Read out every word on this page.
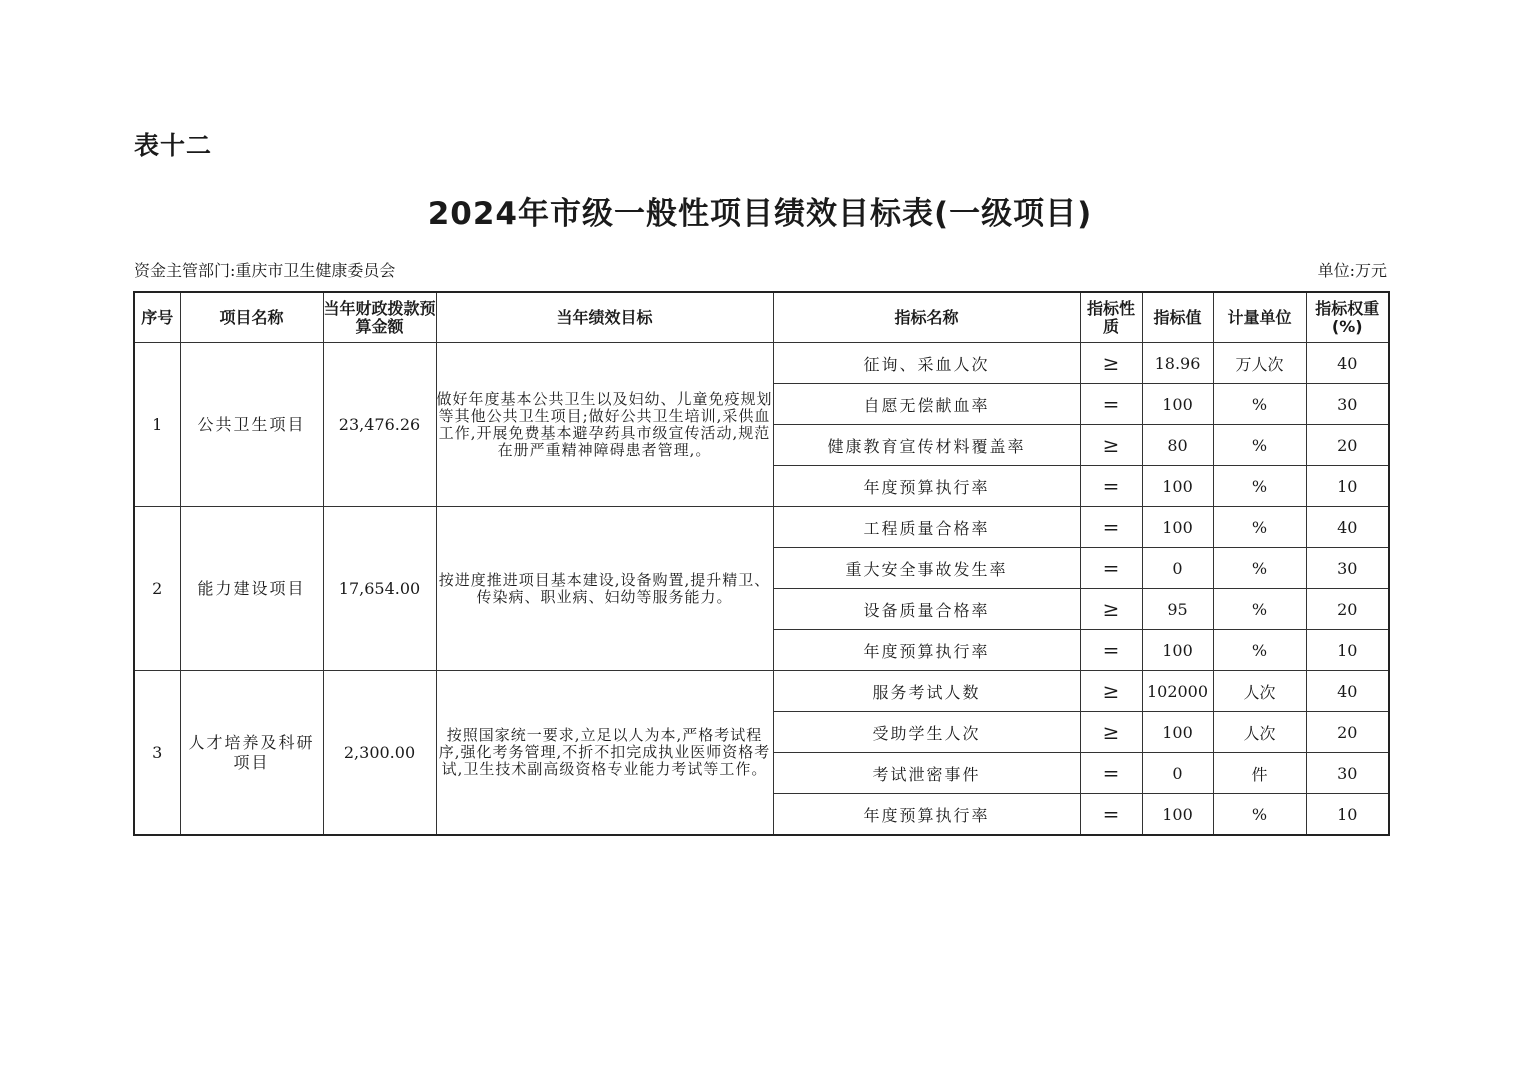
表十二
2024年市级一般性项目绩效目标表(一级项目)
资金主管部门:重庆市卫生健康委员会	单位:万元
序号	项目名称	当年财政拨款预算金额	当年绩效目标	指标名称	指标性质	指标值	计量单位	指标权重(%)
1	公共卫生项目	23,476.26	做好年度基本公共卫生以及妇幼、儿童免疫规划等其他公共卫生项目;做好公共卫生培训,采供血工作,开展免费基本避孕药具市级宣传活动,规范在册严重精神障碍患者管理,。	征询、采血人次	≥	18.96	万人次	40
				自愿无偿献血率	=	100	%	30
				健康教育宣传材料覆盖率	≥	80	%	20
				年度预算执行率	=	100	%	10
2	能力建设项目	17,654.00	按进度推进项目基本建设,设备购置,提升精卫、传染病、职业病、妇幼等服务能力。	工程质量合格率	=	100	%	40
				重大安全事故发生率	=	0	%	30
				设备质量合格率	≥	95	%	20
				年度预算执行率	=	100	%	10
3	人才培养及科研项目	2,300.00	按照国家统一要求,立足以人为本,严格考试程序,强化考务管理,不折不扣完成执业医师资格考试,卫生技术副高级资格专业能力考试等工作。	服务考试人数	≥	102000	人次	40
				受助学生人次	≥	100	人次	20
				考试泄密事件	=	0	件	30
				年度预算执行率	=	100	%	10
